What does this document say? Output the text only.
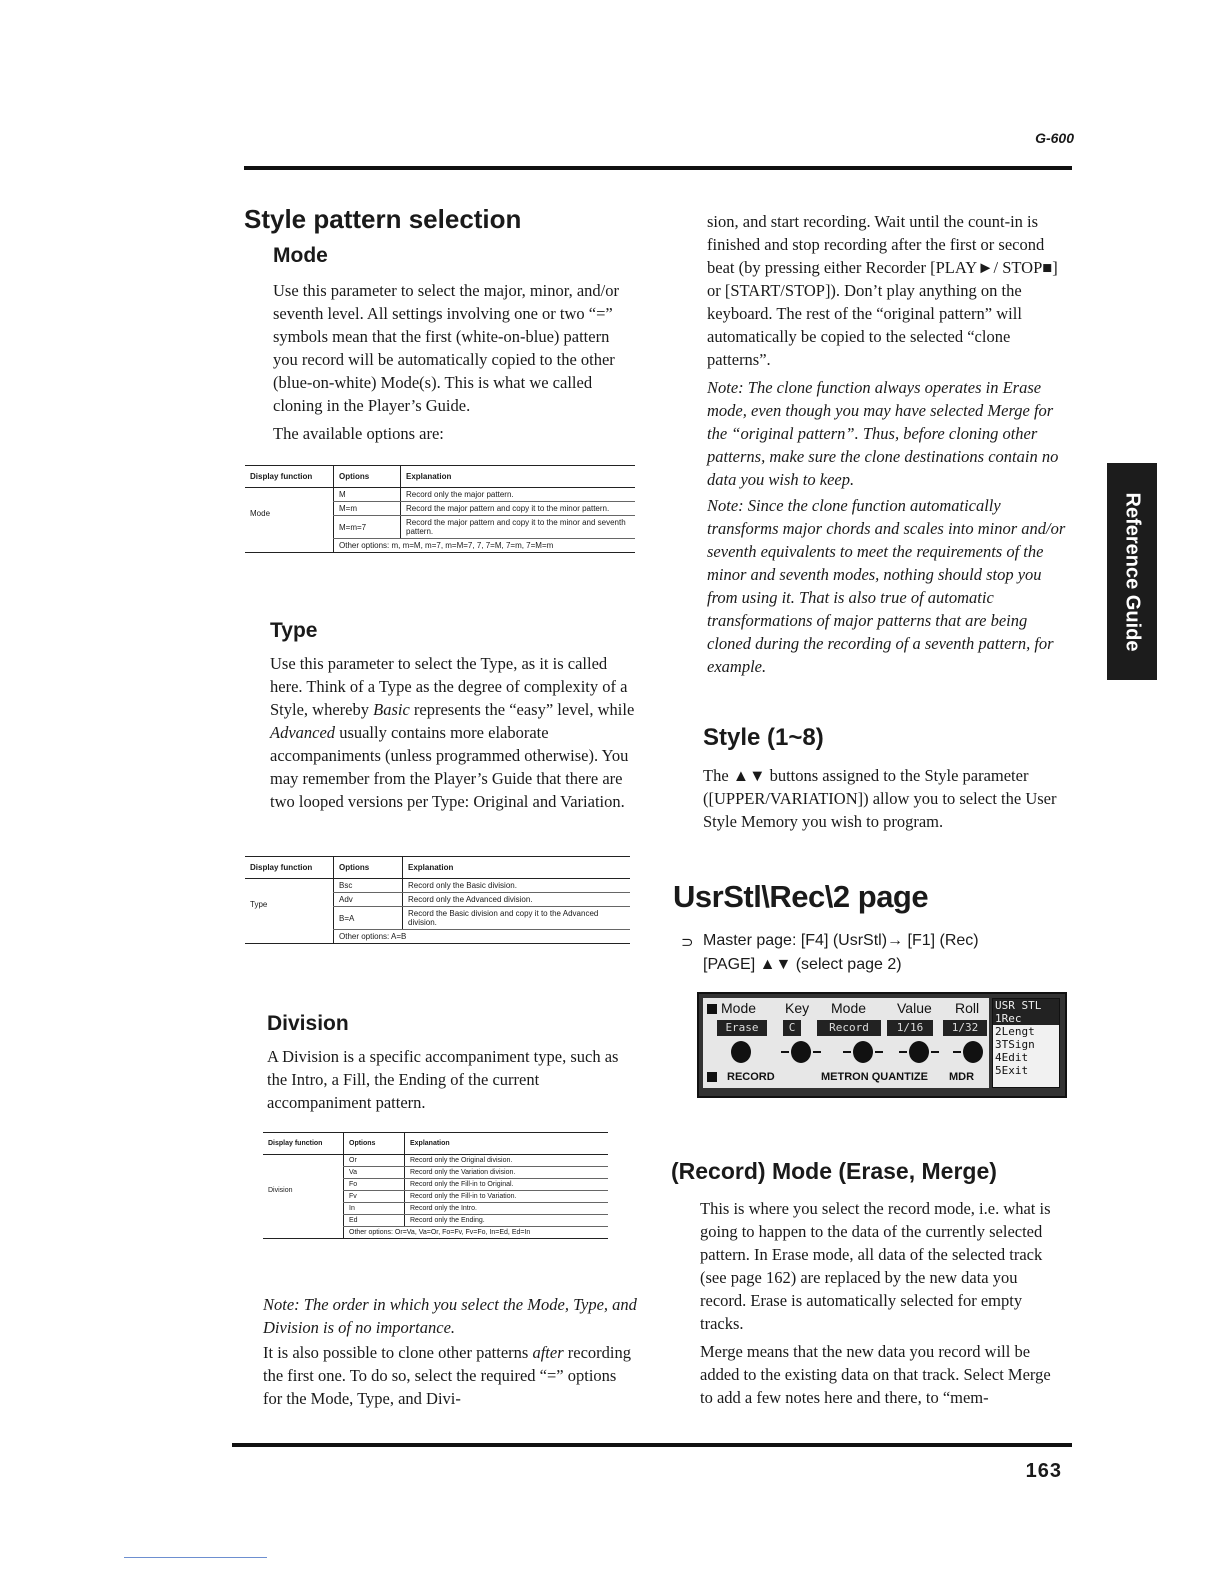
G-600
Reference Guide
Style pattern selection
Mode

Use this parameter to select the major, minor, and/or seventh level. All settings involving one or two “=” symbols mean that the first (white-on-blue) pattern you record will be automatically copied to the other (blue-on-white) Mode(s). This is what we called cloning in the Player’s Guide.

The available options are:

Display function	Options	Explanation
Mode	M	Record only the major pattern.
	M=m	Record the major pattern and copy it to the minor pattern.
	M=m=7	Record the major pattern and copy it to the minor and seventh pattern.
	Other options: m, m=M, m=7, m=M=7, 7, 7=M, 7=m, 7=M=m	
Type

Use this parameter to select the Type, as it is called here. Think of a Type as the degree of complexity of a Style, whereby Basic represents the “easy” level, while Advanced usually contains more elaborate accompaniments (unless programmed otherwise). You may remember from the Player’s Guide that there are two looped versions per Type: Original and Variation.

Display function	Options	Explanation
Type	Bsc	Record only the Basic division.
	Adv	Record only the Advanced division.
	B=A	Record the Basic division and copy it to the Advanced division.
	Other options: A=B	
Division

A Division is a specific accompaniment type, such as the Intro, a Fill, the Ending of the current accompaniment pattern.

Display function	Options	Explanation
Division	Or	Record only the Original division.
	Va	Record only the Variation division.
	Fo	Record only the Fill-in to Original.
	Fv	Record only the Fill-in to Variation.
	In	Record only the Intro.
	Ed	Record only the Ending.
	Other options: Or=Va, Va=Or, Fo=Fv, Fv=Fo, In=Ed, Ed=In	

Note: The order in which you select the Mode, Type, and Division is of no importance.

It is also possible to clone other patterns after recording the first one. To do so, select the required “=” options for the Mode, Type, and Divi-

sion, and start recording. Wait until the count-in is finished and stop recording after the first or second beat (by pressing either Recorder [PLAY►/ STOP■] or [START/STOP]). Don’t play anything on the keyboard. The rest of the “original pattern” will automatically be copied to the selected “clone patterns”.

Note: The clone function always operates in Erase mode, even though you may have selected Merge for the “original pattern”. Thus, before cloning other patterns, make sure the clone destinations contain no data you wish to keep.

Note: Since the clone function automatically transforms major chords and scales into minor and/or seventh equivalents to meet the requirements of the minor and seventh modes, nothing should stop you from using it. That is also true of automatic transformations of major patterns that are being cloned during the recording of a seventh pattern, for example.

Style (1~8)

The ▲▼ buttons assigned to the Style parameter ([UPPER/VARIATION]) allow you to select the User Style Memory you wish to program.

UsrStl\Rec\2 page
⊃ Master page: [F4] (UsrStl)→ [F1] (Rec)
[PAGE] ▲▼ (select page 2)
Mode Key Mode Value Roll
Erase	C	Record	1/16	1/32
RECORD	METRON QUANTIZE MDR
USR STL
1Rec
2Lengt
3TSign
4Edit
5Exit
(Record) Mode (Erase, Merge)

This is where you select the record mode, i.e. what is going to happen to the data of the currently selected pattern. In Erase mode, all data of the selected track (see page 162) are replaced by the new data you record. Erase is automatically selected for empty tracks.

Merge means that the new data you record will be added to the existing data on that track. Select Merge to add a few notes here and there, to “mem-

163
